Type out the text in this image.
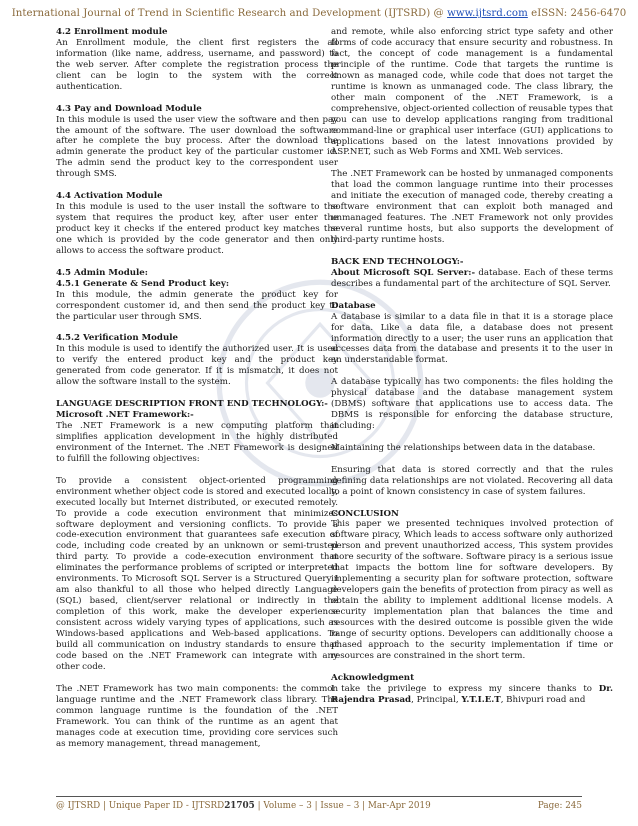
International Journal of Trend in Scientific Research and Development (IJTSRD) @ www.ijtsrd.com eISSN: 2456-6470

4.2 Enrollment module

An Enrollment module, the client first registers the all information (like name, address, username, and password) to the web server. After complete the registration process the client can be login to the system with the correct authentication.

4.3 Pay and Download Module

In this module is used the user view the software and then pay the amount of the software. The user download the software after he complete the buy process. After the download the admin generate the product key of the particular customer id. The admin send the product key to the correspondent user through SMS.

4.4 Activation Module

In this module is used to the user install the software to the system that requires the product key, after user enter the product key it checks if the entered product key matches the one which is provided by the code generator and then only allows to access the software product.

4.5 Admin Module:

4.5.1 Generate & Send Product key:

In this module, the admin generate the product key for correspondent customer id, and then send the product key to the particular user through SMS.

4.5.2 Verification Module

In this module is used to identify the authorized user. It is used to verify the entered product key and the product key generated from code generator. If it is mismatch, it does not allow the software install to the system.

LANGUAGE DESCRIPTION FRONT END TECHNOLOGY:-

Microsoft .NET Framework:-

The .NET Framework is a new computing platform that simplifies application development in the highly distributed environment of the Internet. The .NET Framework is designed to fulfill the following objectives:

To provide a consistent object-oriented programming environment whether object code is stored and executed locally, executed locally but Internet distributed, or executed remotely. To provide a code execution environment that minimizes software deployment and versioning conflicts. To provide a code-execution environment that guarantees safe execution of code, including code created by an unknown or semi-trusted third party. To provide a code-execution environment that eliminates the performance problems of scripted or interpreted environments. To Microsoft SQL Server is a Structured Query I am also thankful to all those who helped directly Language (SQL) based, client/server relational or indirectly in the completion of this work, make the developer experience consistent across widely varying types of applications, such as Windows-based applications and Web-based applications. To build all communication on industry standards to ensure that code based on the .NET Framework can integrate with any other code.

The .NET Framework has two main components: the common language runtime and the .NET Framework class library. The common language runtime is the foundation of the .NET Framework. You can think of the runtime as an agent that manages code at execution time, providing core services such as memory management, thread management,

and remote, while also enforcing strict type safety and other forms of code accuracy that ensure security and robustness. In fact, the concept of code management is a fundamental principle of the runtime. Code that targets the runtime is known as managed code, while code that does not target the runtime is known as unmanaged code. The class library, the other main component of the .NET Framework, is a comprehensive, object-oriented collection of reusable types that you can use to develop applications ranging from traditional command-line or graphical user interface (GUI) applications to applications based on the latest innovations provided by ASP.NET, such as Web Forms and XML Web services.

The .NET Framework can be hosted by unmanaged components that load the common language runtime into their processes and initiate the execution of managed code, thereby creating a software environment that can exploit both managed and unmanaged features. The .NET Framework not only provides several runtime hosts, but also supports the development of third-party runtime hosts.

BACK END TECHNOLOGY:-

About Microsoft SQL Server:- database. Each of these terms describes a fundamental part of the architecture of SQL Server.

Database

A database is similar to a data file in that it is a storage place for data. Like a data file, a database does not present information directly to a user; the user runs an application that accesses data from the database and presents it to the user in an understandable format.

A database typically has two components: the files holding the physical database and the database management system (DBMS) software that applications use to access data. The DBMS is responsible for enforcing the database structure, including:

Maintaining the relationships between data in the database.

Ensuring that data is stored correctly and that the rules defining data relationships are not violated. Recovering all data to a point of known consistency in case of system failures.

CONCLUSION

This paper we presented techniques involved protection of software piracy, Which leads to access software only authorized person and prevent unauthorized access, This system provides more security of the software. Software piracy is a serious issue that impacts the bottom line for software developers. By implementing a security plan for software protection, software developers gain the benefits of protection from piracy as well as obtain the ability to implement additional license models. A security implementation plan that balances the time and resources with the desired outcome is possible given the wide range of security options. Developers can additionally choose a phased approach to the security implementation if time or resources are constrained in the short term.

Acknowledgment

I take the privilege to express my sincere thanks to Dr. Rajendra Prasad, Principal, Y.T.I.E.T, Bhivpuri road and

@ IJTSRD | Unique Paper ID - IJTSRD21705 | Volume – 3 | Issue – 3 | Mar-Apr 2019	Page: 245
